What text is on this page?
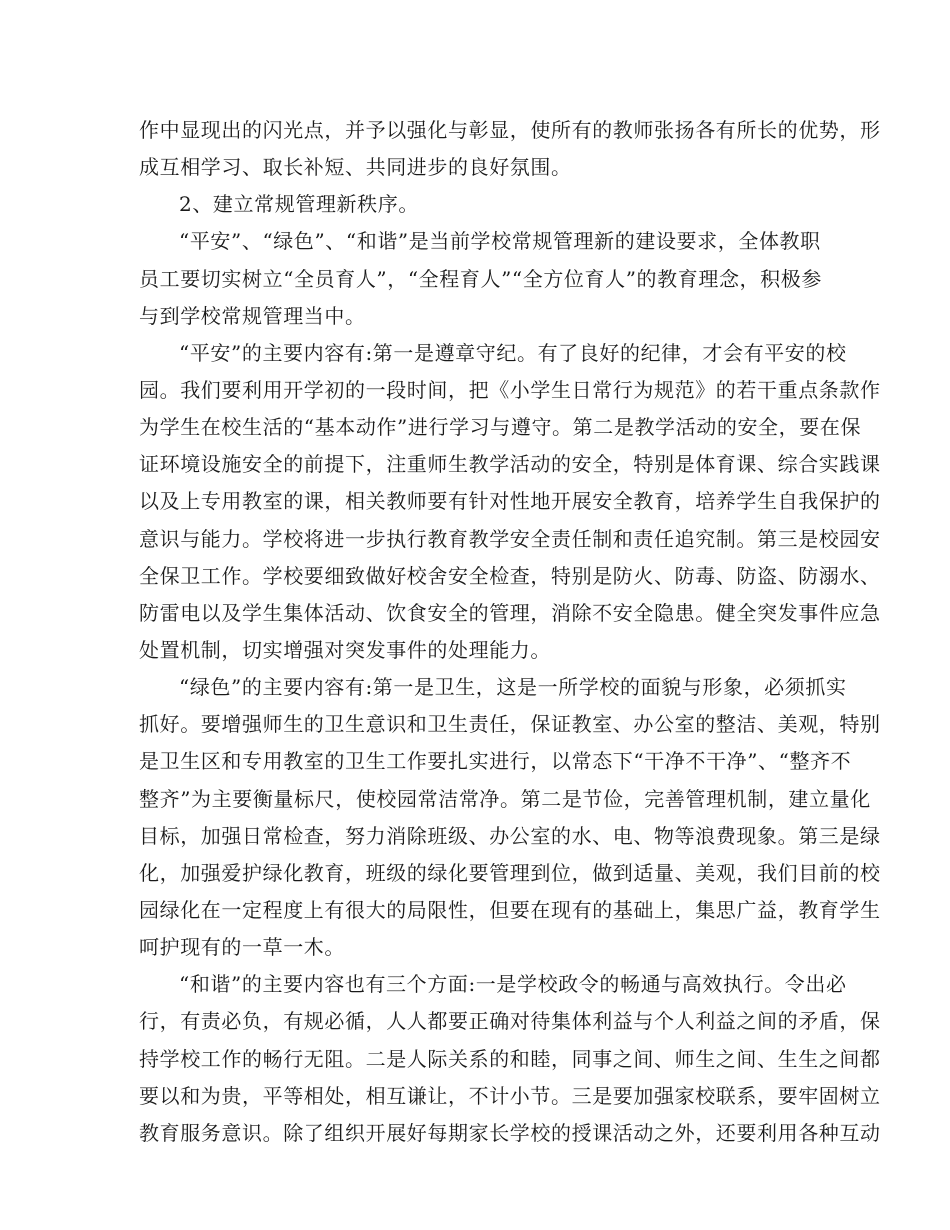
作中显现出的闪光点，并予以强化与彰显，使所有的教师张扬各有所长的优势，形
成互相学习、取长补短、共同进步的良好氛围。
2、建立常规管理新秩序。
“平安”、“绿色”、“和谐”是当前学校常规管理新的建设要求，全体教职
员工要切实树立“全员育人”，“全程育人”“全方位育人”的教育理念，积极参
与到学校常规管理当中。
“平安”的主要内容有:第一是遵章守纪。有了良好的纪律，才会有平安的校
园。我们要利用开学初的一段时间，把《小学生日常行为规范》的若干重点条款作
为学生在校生活的“基本动作”进行学习与遵守。第二是教学活动的安全，要在保
证环境设施安全的前提下，注重师生教学活动的安全，特别是体育课、综合实践课
以及上专用教室的课，相关教师要有针对性地开展安全教育，培养学生自我保护的
意识与能力。学校将进一步执行教育教学安全责任制和责任追究制。第三是校园安
全保卫工作。学校要细致做好校舍安全检查，特别是防火、防毒、防盗、防溺水、
防雷电以及学生集体活动、饮食安全的管理，消除不安全隐患。健全突发事件应急
处置机制，切实增强对突发事件的处理能力。
“绿色”的主要内容有:第一是卫生，这是一所学校的面貌与形象，必须抓实
抓好。要增强师生的卫生意识和卫生责任，保证教室、办公室的整洁、美观，特别
是卫生区和专用教室的卫生工作要扎实进行，以常态下“干净不干净”、“整齐不
整齐”为主要衡量标尺，使校园常洁常净。第二是节俭，完善管理机制，建立量化
目标，加强日常检查，努力消除班级、办公室的水、电、物等浪费现象。第三是绿
化，加强爱护绿化教育，班级的绿化要管理到位，做到适量、美观，我们目前的校
园绿化在一定程度上有很大的局限性，但要在现有的基础上，集思广益，教育学生
呵护现有的一草一木。
“和谐”的主要内容也有三个方面:一是学校政令的畅通与高效执行。令出必
行，有责必负，有规必循，人人都要正确对待集体利益与个人利益之间的矛盾，保
持学校工作的畅行无阻。二是人际关系的和睦，同事之间、师生之间、生生之间都
要以和为贵，平等相处，相互谦让，不计小节。三是要加强家校联系，要牢固树立
教育服务意识。除了组织开展好每期家长学校的授课活动之外，还要利用各种互动
